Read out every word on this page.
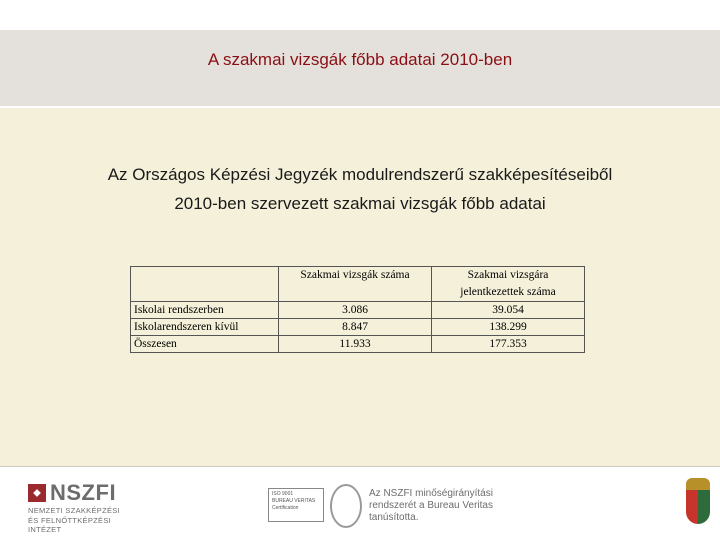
A szakmai vizsgák főbb adatai 2010-ben
Az Országos Képzési Jegyzék modulrendszerű szakképesítéseiből
2010-ben szervezett szakmai vizsgák főbb adatai
	Szakmai vizsgák száma	Szakmai vizsgára jelentkezettek száma
Iskolai rendszerben	3.086	39.054
Iskolarendszeren kívül	8.847	138.299
Összesen	11.933	177.353
NSZFI
NEMZETI SZAKKÉPZÉSI
ÉS FELNŐTTKÉPZÉSI INTÉZET
ISO 9001
BUREAU VERITAS
Certification
Az NSZFI minőségirányítási
rendszerét a Bureau Veritas
tanúsította.
